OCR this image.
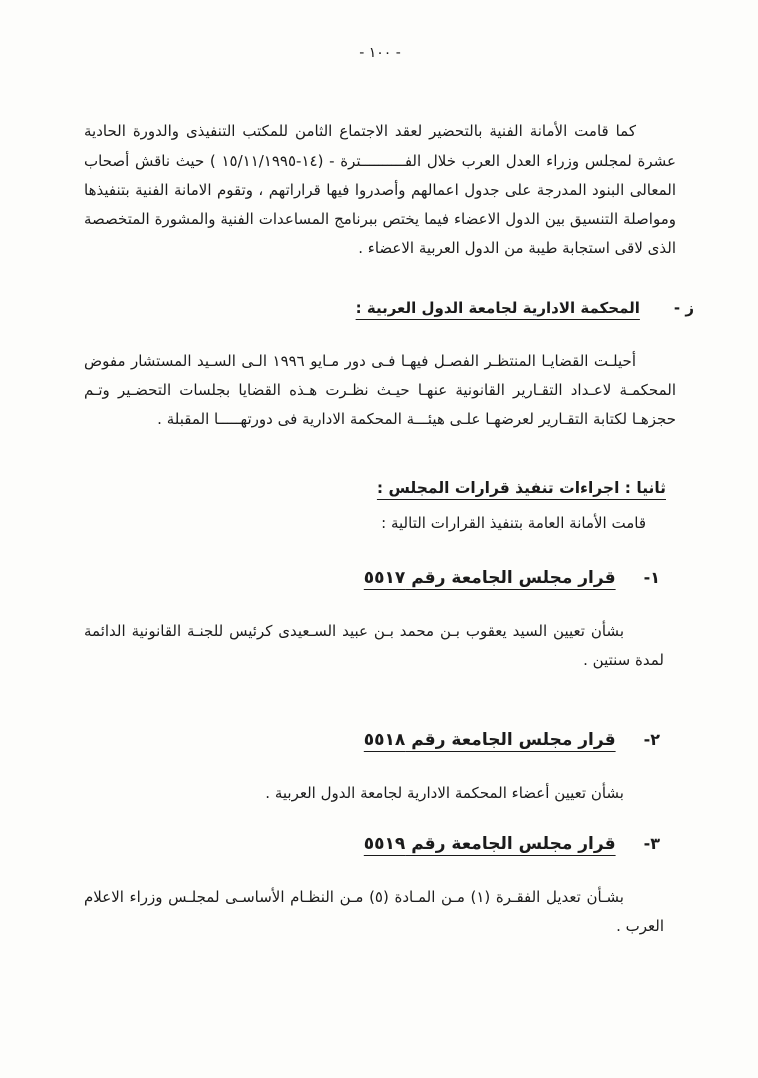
- ١٠٠ -

كما قامت الأمانة الفنية بالتحضير لعقد الاجتماع الثامن للمكتب التنفيذى والدورة الحادية عشرة لمجلس وزراء العدل العرب خلال الفــــــــــترة - (١٤-١٥/١١/١٩٩٥ ) حيث ناقش أصحاب المعالى البنود المدرجة على جدول اعمالهم وأصدروا فيها قراراتهم ، وتقوم الامانة الفنية بتنفيذها ومواصلة التنسيق بين الدول الاعضاء فيما يختص ببرنامج المساعدات الفنية والمشورة المتخصصة الذى لاقى استجابة طيبة من الدول العربية الاعضاء .

ز -
المحكمة الادارية لجامعة الدول العربية :

أحيلـت القضايـا المنتظـر الفصـل فيهـا فـى دور مـايو ١٩٩٦ الـى السـيد المستشار مفوض المحكمـة لاعـداد التقـارير القانونية عنهـا حيـث نظـرت هـذه القضايا بجلسات التحضـير وتـم حجزهـا لكتابة التقـارير لعرضهـا علـى هيئـــة المحكمة الادارية فى دورتهـــــا المقبلة .

ثانيا : اجراءات تنفيذ قرارات المجلس :
قامت الأمانة العامة بتنفيذ القرارات التالية :
١-
قرار مجلس الجامعة رقم ٥٥١٧

بشأن تعيين السيد يعقوب بـن محمد بـن عبيد السـعيدى كرئيس للجنـة القانونية الدائمة لمدة سنتين .

٢-
قرار مجلس الجامعة رقم ٥٥١٨

بشأن تعيين أعضاء المحكمة الادارية لجامعة الدول العربية .

٣-
قرار مجلس الجامعة رقم ٥٥١٩

بشـأن تعديل الفقـرة (١) مـن المـادة (٥) مـن النظـام الأساسـى لمجلـس وزراء الاعلام العرب .
